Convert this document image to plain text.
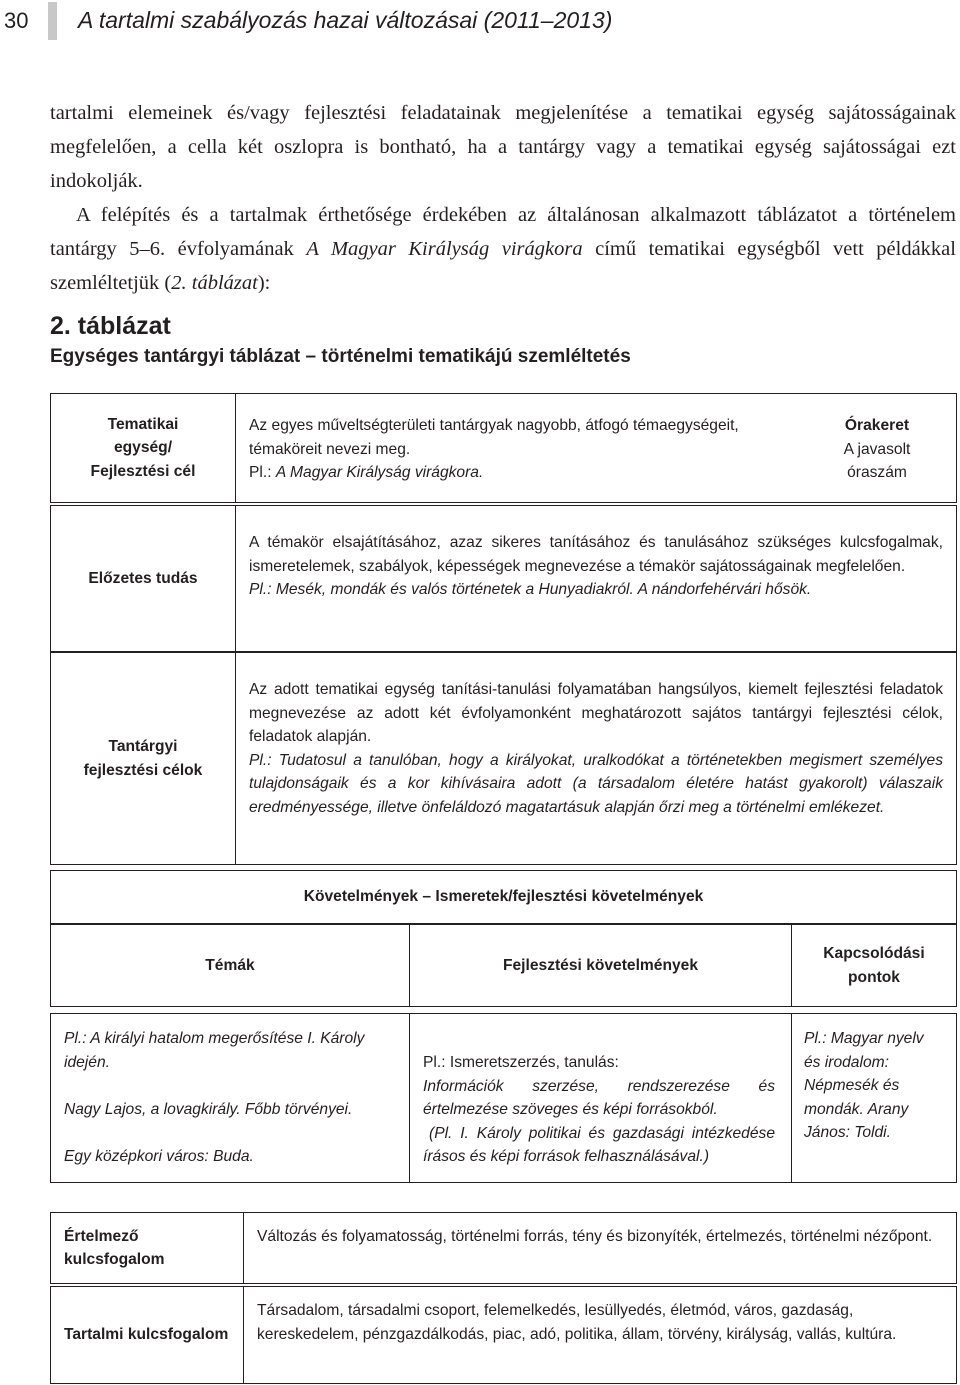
30 A tartalmi szabályozás hazai változásai (2011–2013)

tartalmi elemeinek és/vagy fejlesztési feladatainak megjelenítése a tematikai egység sajátosságainak megfelelően, a cella két oszlopra is bontható, ha a tantárgy vagy a tematikai egység sajátosságai ezt indokolják.

A felépítés és a tartalmak érthetősége érdekében az általánosan alkalmazott táblázatot a történelem tantárgy 5–6. évfolyamának A Magyar Királyság virágkora című tematikai egységből vett példákkal szemléltetjük (2. táblázat):

2. táblázat
Egységes tantárgyi táblázat – történelmi tematikájú szemléltetés
Tematikai egység/ Fejlesztési cél

Az egyes műveltségterületi tantárgyak nagyobb, átfogó témaegységeit, témaköreit nevezi meg.

Pl.: A Magyar Királyság virágkora.

Órakeret

A javasolt óraszám

Előzetes tudás

A témakör elsajátításához, azaz sikeres tanításához és tanulásához szükséges kulcsfogalmak, ismeretelemek, szabályok, képességek megnevezése a témakör sajátosságainak megfelelően.

Pl.: Mesék, mondák és valós történetek a Hunyadiakról. A nándorfehérvári hősök.

Tantárgyi fejlesztési célok

Az adott tematikai egység tanítási-tanulási folyamatában hangsúlyos, kiemelt fejlesztési feladatok megnevezése az adott két évfolyamonként meghatározott sajátos tantárgyi fejlesztési célok, feladatok alapján.

Pl.: Tudatosul a tanulóban, hogy a királyokat, uralkodókat a történetekben megismert személyes tulajdonságaik és a kor kihívásaira adott (a társadalom életére hatást gyakorolt) válaszaik eredményessége, illetve önfeláldozó magatartásuk alapján őrzi meg a történelmi emlékezet.

Követelmények – Ismeretek/fejlesztési követelmények
Témák	Fejlesztési követelmények
Kapcsolódási pontok

Pl.: A királyi hatalom megerősítése I. Károly idején.

Nagy Lajos, a lovagkirály. Főbb törvényei.

Egy középkori város: Buda.

Pl.: Ismeretszerzés, tanulás:

Információk szerzése, rendszerezése és értelmezése szöveges és képi forrásokból.

(Pl. I. Károly politikai és gazdasági intézkedése írásos és képi források felhasználásával.)

Pl.: Magyar nyelv és irodalom: Népmesék és mondák. Arany János: Toldi.

Értelmező kulcsfogalom

Változás és folyamatosság, történelmi forrás, tény és bizonyíték, értelmezés, történelmi nézőpont.

Tartalmi kulcsfogalom

Társadalom, társadalmi csoport, felemelkedés, lesüllyedés, életmód, város, gazdaság, kereskedelem, pénzgazdálkodás, piac, adó, politika, állam, törvény, királyság, vallás, kultúra.
